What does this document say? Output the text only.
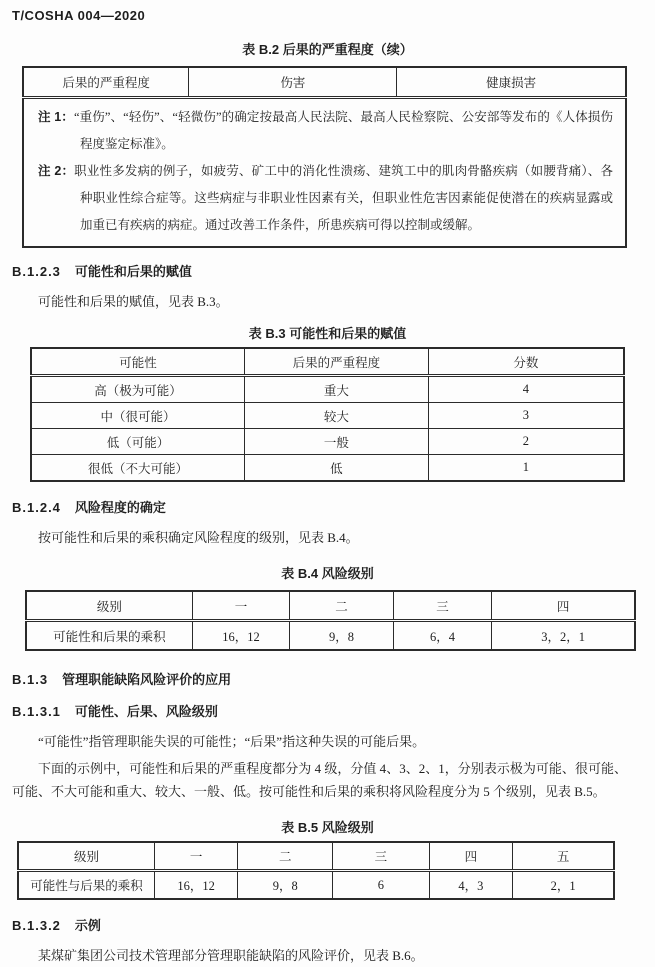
T/COSHA 004—2020
表 B.2 后果的严重程度（续）
后果的严重程度	伤害	健康损害

注 1：“重伤”、“轻伤”、“轻微伤”的确定按最高人民法院、最高人民检察院、公安部等发布的《人体损伤程度鉴定标准》。
注 2：职业性多发病的例子，如疲劳、矿工中的消化性溃疡、建筑工中的肌肉骨骼疾病（如腰背痛）、各种职业性综合症等。这些病症与非职业性因素有关，但职业性危害因素能促使潜在的疾病显露或加重已有疾病的病症。通过改善工作条件，所患疾病可得以控制或缓解。
B.1.2.3 可能性和后果的赋值

可能性和后果的赋值，见表 B.3。

表 B.3 可能性和后果的赋值
可能性	后果的严重程度	分数
高（极为可能）	重大	4
中（很可能）	较大	3
低（可能）	一般	2
很低（不大可能）	低	1
B.1.2.4 风险程度的确定

按可能性和后果的乘积确定风险程度的级别，见表 B.4。

表 B.4 风险级别
级别	一	二	三	四
可能性和后果的乘积	16，12	9，8	6，4	3，2，1
B.1.3 管理职能缺陷风险评价的应用
B.1.3.1 可能性、后果、风险级别

“可能性”指管理职能失误的可能性；“后果”指这种失误的可能后果。

下面的示例中，可能性和后果的严重程度都分为 4 级，分值 4、3、2、1，分别表示极为可能、很可能、可能、不大可能和重大、较大、一般、低。按可能性和后果的乘积将风险程度分为 5 个级别，见表 B.5。

表 B.5 风险级别
级别	一	二	三	四	五
可能性与后果的乘积	16，12	9，8	6	4，3	2，1
B.1.3.2 示例

某煤矿集团公司技术管理部分管理职能缺陷的风险评价，见表 B.6。
